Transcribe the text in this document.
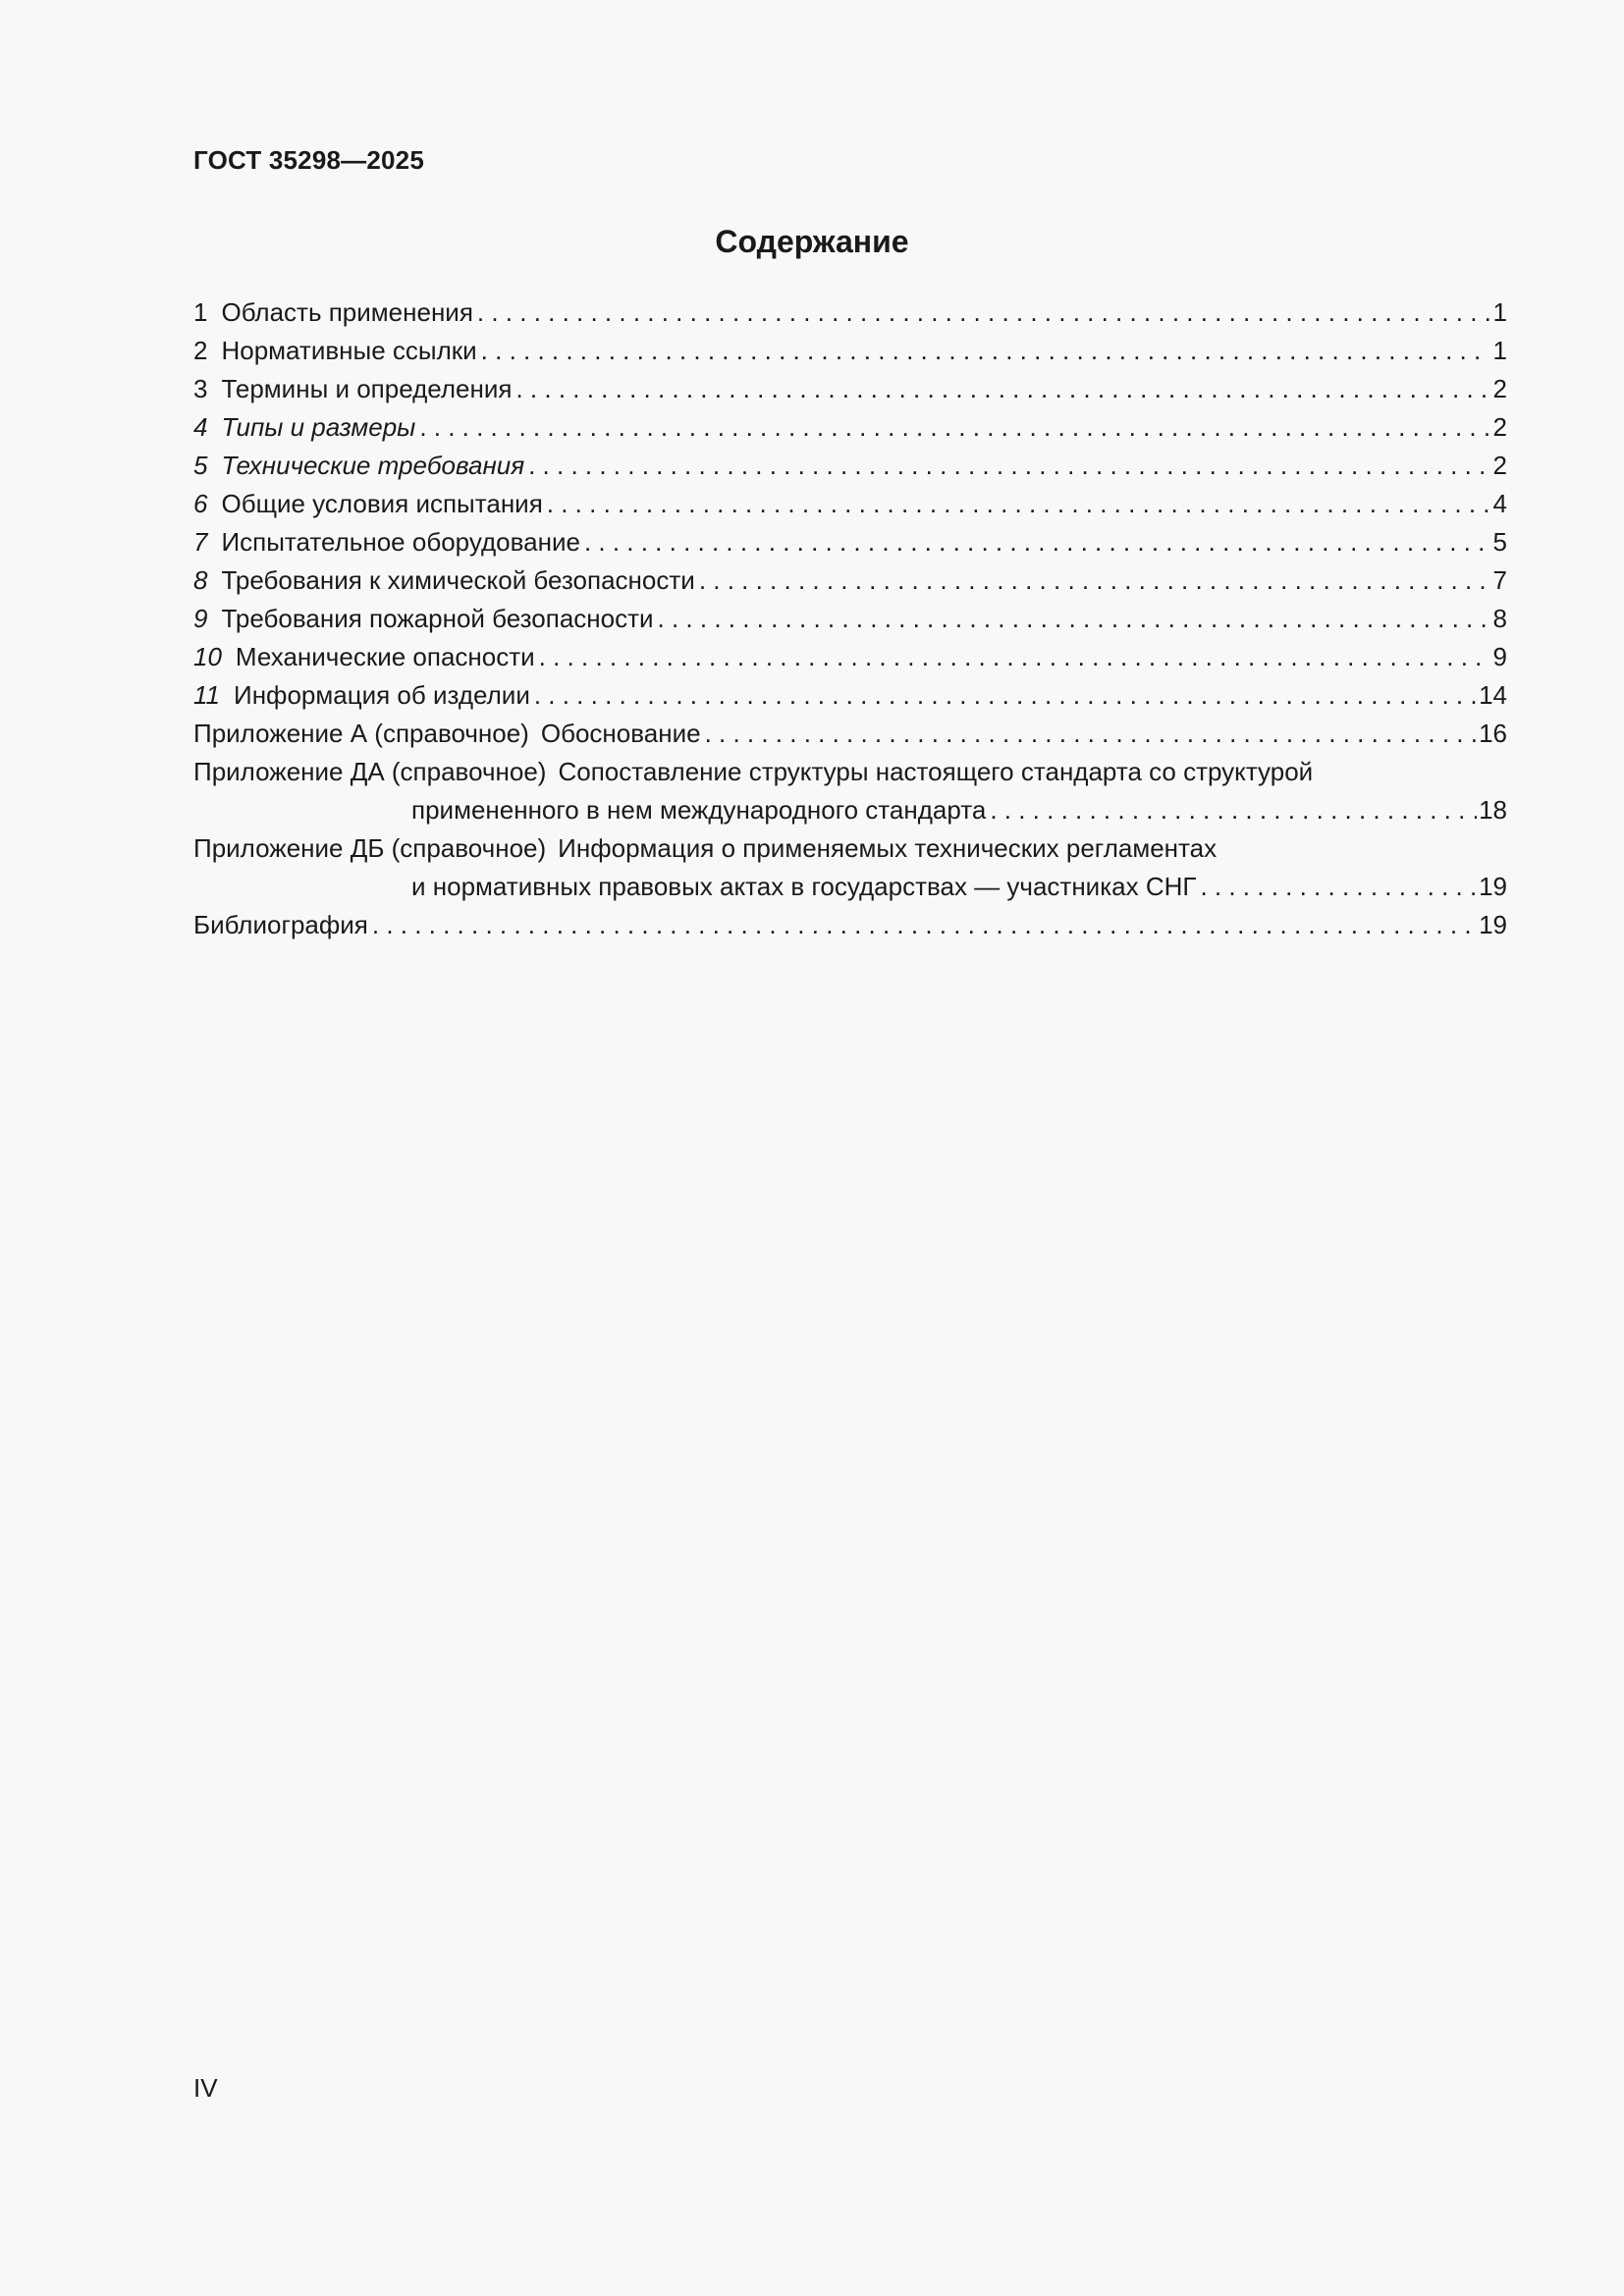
ГОСТ 35298—2025
Содержание
1 Область применения . . .	1
2 Нормативные ссылки . . .	1
3 Термины и определения . . .	2
4 Типы и размеры . . .	2
5 Технические требования . . .	2
6 Общие условия испытания . . .	4
7 Испытательное оборудование . . .	5
8 Требования к химической безопасности . . .	7
9 Требования пожарной безопасности . . .	8
10 Механические опасности . . .	9
11 Информация об изделии . . .	14
Приложение А (справочное) Обоснование . . .	16
Приложение ДА (справочное) Сопоставление структуры настоящего стандарта со структурой
примененного в нем международного стандарта . . .	18
Приложение ДБ (справочное) Информация о применяемых технических регламентах
и нормативных правовых актах в государствах — участниках СНГ . . .	19
Библиография . . .	19
IV
